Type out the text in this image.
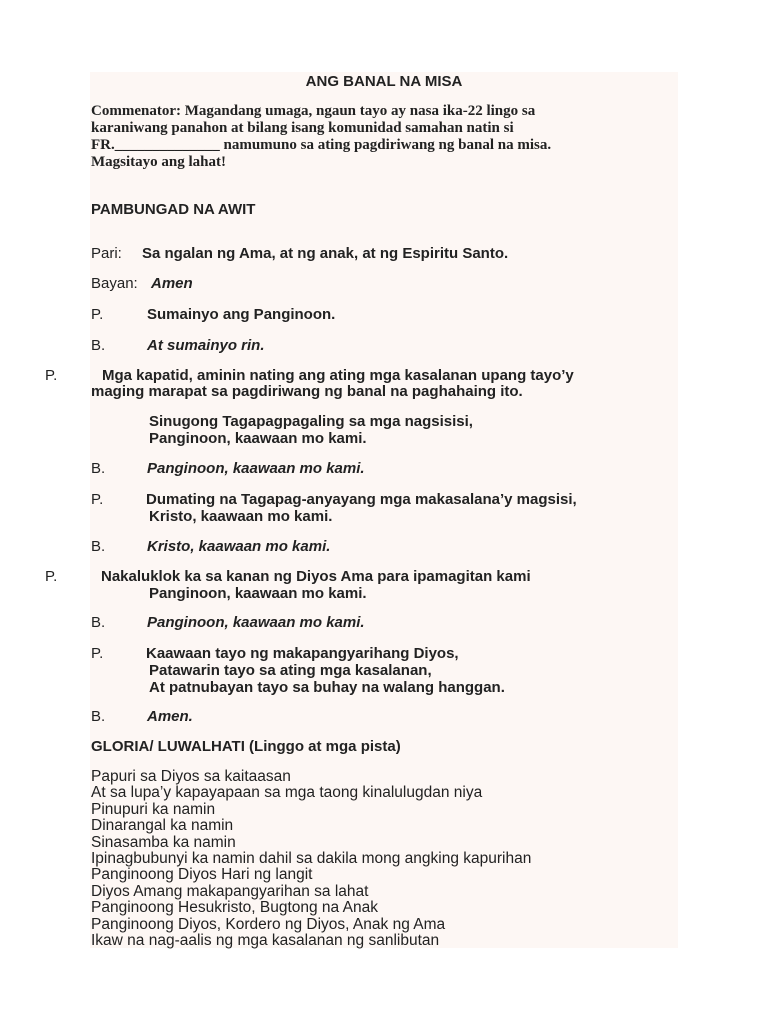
ANG BANAL NA MISA
Commenator: Magandang umaga, ngaun tayo ay nasa ika-22 lingo sa
karaniwang panahon at bilang isang komunidad samahan natin si
FR.______________ namumuno sa ating pagdiriwang ng banal na misa.
Magsitayo ang lahat!
PAMBUNGAD NA AWIT
Pari: Sa ngalan ng Ama, at ng anak, at ng Espiritu Santo.
Bayan: Amen
P.	Sumainyo ang Panginoon.
B.	At sumainyo rin.
P.	Mga kapatid, aminin nating ang ating mga kasalanan upang tayo’y
maging marapat sa pagdiriwang ng banal na paghahaing ito.
Sinugong Tagapagpagaling sa mga nagsisisi,
Panginoon, kaawaan mo kami.
B.	Panginoon, kaawaan mo kami.
P.	Dumating na Tagapag-anyayang mga makasalana’y magsisi,
Kristo, kaawaan mo kami.
B.	Kristo, kaawaan mo kami.
P.	Nakaluklok ka sa kanan ng Diyos Ama para ipamagitan kami
Panginoon, kaawaan mo kami.
B.	Panginoon, kaawaan mo kami.
P.	Kaawaan tayo ng makapangyarihang Diyos,
Patawarin tayo sa ating mga kasalanan,
At patnubayan tayo sa buhay na walang hanggan.
B.	Amen.
GLORIA/ LUWALHATI (Linggo at mga pista)
Papuri sa Diyos sa kaitaasan
At sa lupa’y kapayapaan sa mga taong kinalulugdan niya
Pinupuri ka namin
Dinarangal ka namin
Sinasamba ka namin
Ipinagbubunyi ka namin dahil sa dakila mong angking kapurihan
Panginoong Diyos Hari ng langit
Diyos Amang makapangyarihan sa lahat
Panginoong Hesukristo, Bugtong na Anak
Panginoong Diyos, Kordero ng Diyos, Anak ng Ama
Ikaw na nag-aalis ng mga kasalanan ng sanlibutan
